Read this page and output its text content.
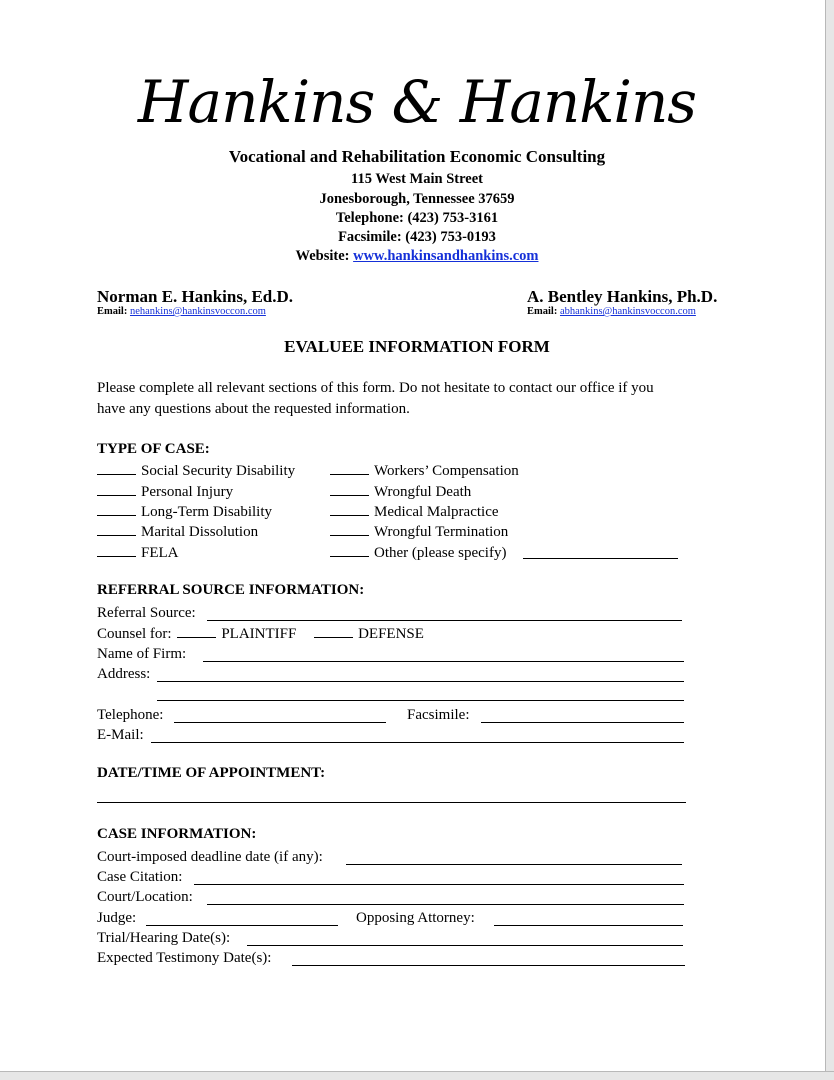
Hankins & Hankins
Vocational and Rehabilitation Economic Consulting
115 West Main Street
Jonesborough, Tennessee 37659
Telephone: (423) 753-3161
Facsimile: (423) 753-0193
Website: www.hankinsandhankins.com
Norman E. Hankins, Ed.D.
Email: nehankins@hankinsvoccon.com
A. Bentley Hankins, Ph.D.
Email: abhankins@hankinsvoccon.com
EVALUEE INFORMATION FORM
Please complete all relevant sections of this form. Do not hesitate to contact our office if you
have any questions about the requested information.
TYPE OF CASE:
Social Security Disability
Personal Injury
Long-Term Disability
Marital Dissolution
FELA
Workers’ Compensation
Wrongful Death
Medical Malpractice
Wrongful Termination
Other (please specify)
REFERRAL SOURCE INFORMATION:
Referral Source:
Counsel for:	PLAINTIFF	DEFENSE
Name of Firm:
Address:
Telephone:	Facsimile:
E-Mail:
DATE/TIME OF APPOINTMENT:
CASE INFORMATION:
Court-imposed deadline date (if any):
Case Citation:
Court/Location:
Judge:	Opposing Attorney:
Trial/Hearing Date(s):
Expected Testimony Date(s):
